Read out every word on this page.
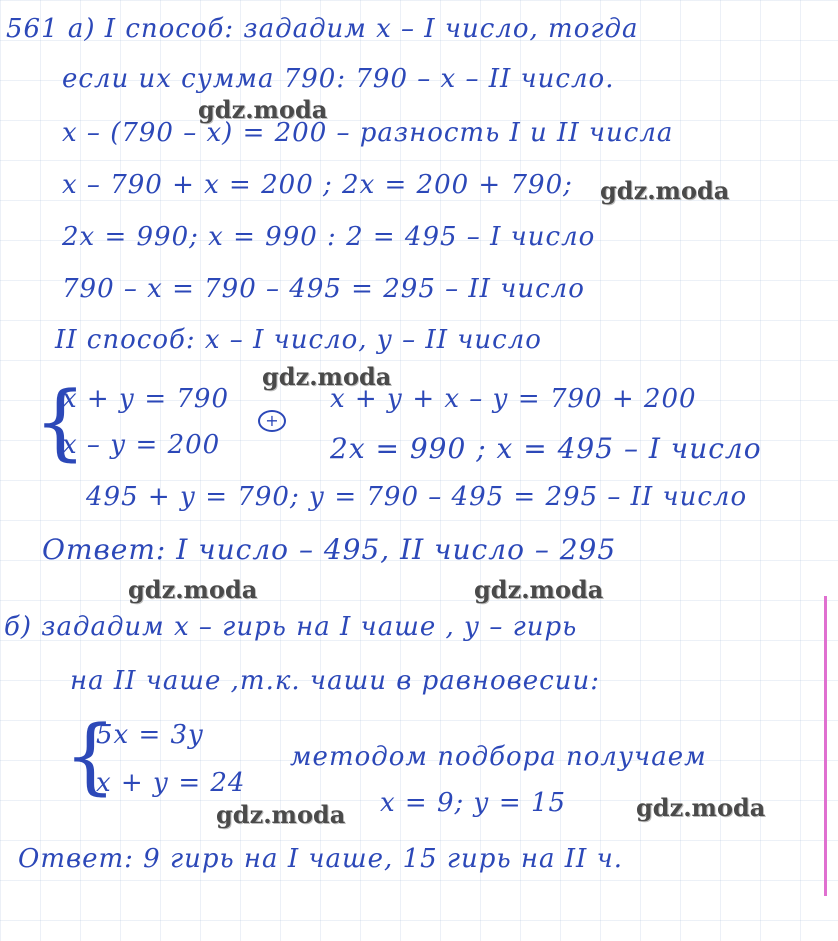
561 а) I способ: зададим х – I число, тогда
если их сумма 790: 790 – х – II число.
х – (790 – х) = 200 – разность I и II числа
х – 790 + х = 200 ; 2х = 200 + 790;
2х = 990; х = 990 : 2 = 495 – I число
790 – х = 790 – 495 = 295 – II число
II способ: х – I число, у – II число
{
х + у = 790
+
х + у + х – у = 790 + 200
х – у = 200	2х = 990 ; х = 495 – I число
495 + у = 790; у = 790 – 495 = 295 – II число
Ответ: I число – 495, II число – 295
б) зададим х – гирь на I чаше , у – гирь
на II чаше ,т.к. чаши в равновесии:
{
5х = 3у
методом подбора получаем
х + у = 24
х = 9; у = 15
Ответ: 9 гирь на I чаше, 15 гирь на II ч.
gdz.moda
gdz.moda
gdz.moda
gdz.moda	gdz.moda
gdz.moda	gdz.moda
